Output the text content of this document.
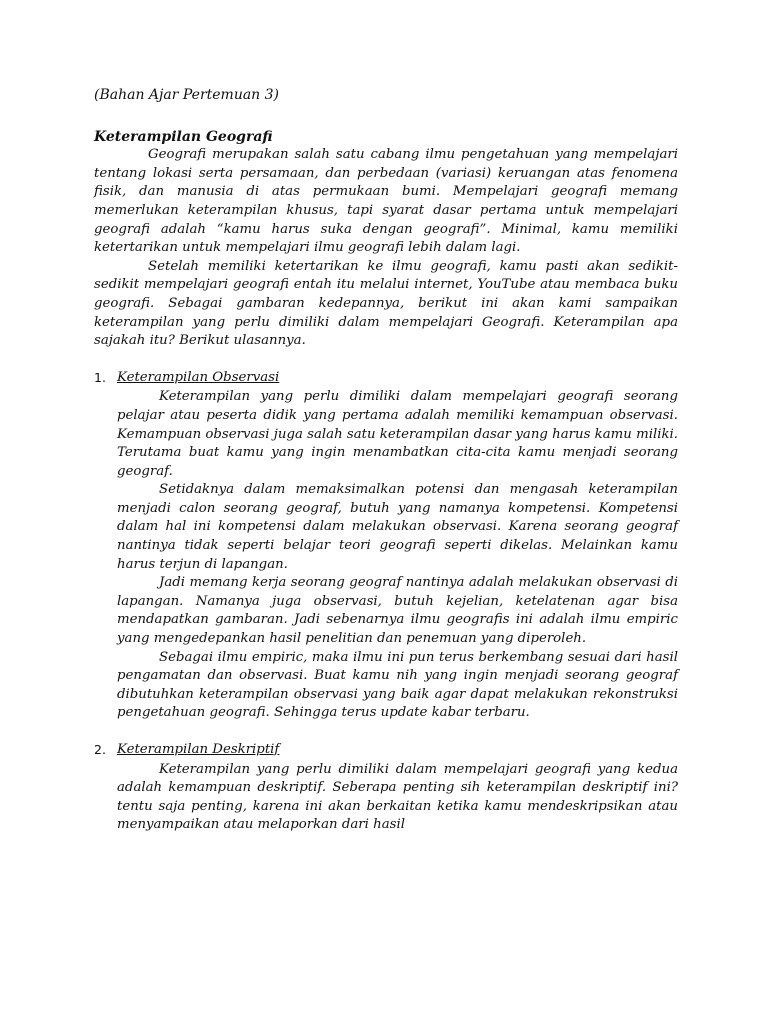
(Bahan Ajar Pertemuan 3)
Keterampilan Geografi

Geografi merupakan salah satu cabang ilmu pengetahuan yang mempelajari tentang lokasi serta persamaan, dan perbedaan (variasi) keruangan atas fenomena fisik, dan manusia di atas permukaan bumi. Mempelajari geografi memang memerlukan keterampilan khusus, tapi syarat dasar pertama untuk mempelajari geografi adalah “kamu harus suka dengan geografi”. Minimal, kamu memiliki ketertarikan untuk mempelajari ilmu geografi lebih dalam lagi.

Setelah memiliki ketertarikan ke ilmu geografi, kamu pasti akan sedikit-sedikit mempelajari geografi entah itu melalui internet, YouTube atau membaca buku geografi. Sebagai gambaran kedepannya, berikut ini akan kami sampaikan keterampilan yang perlu dimiliki dalam mempelajari Geografi. Keterampilan apa sajakah itu? Berikut ulasannya.

1. Keterampilan Observasi

Keterampilan yang perlu dimiliki dalam mempelajari geografi seorang pelajar atau peserta didik yang pertama adalah memiliki kemampuan observasi. Kemampuan observasi juga salah satu keterampilan dasar yang harus kamu miliki. Terutama buat kamu yang ingin menambatkan cita-cita kamu menjadi seorang geograf.

Setidaknya dalam memaksimalkan potensi dan mengasah keterampilan menjadi calon seorang geograf, butuh yang namanya kompetensi. Kompetensi dalam hal ini kompetensi dalam melakukan observasi. Karena seorang geograf nantinya tidak seperti belajar teori geografi seperti dikelas. Melainkan kamu harus terjun di lapangan.

Jadi memang kerja seorang geograf nantinya adalah melakukan observasi di lapangan. Namanya juga observasi, butuh kejelian, ketelatenan agar bisa mendapatkan gambaran. Jadi sebenarnya ilmu geografis ini adalah ilmu empiric yang mengedepankan hasil penelitian dan penemuan yang diperoleh.

Sebagai ilmu empiric, maka ilmu ini pun terus berkembang sesuai dari hasil pengamatan dan observasi. Buat kamu nih yang ingin menjadi seorang geograf dibutuhkan keterampilan observasi yang baik agar dapat melakukan rekonstruksi pengetahuan geografi. Sehingga terus update kabar terbaru.

2. Keterampilan Deskriptif

Keterampilan yang perlu dimiliki dalam mempelajari geografi yang kedua adalah kemampuan deskriptif. Seberapa penting sih keterampilan deskriptif ini? tentu saja penting, karena ini akan berkaitan ketika kamu mendeskripsikan atau menyampaikan atau melaporkan dari hasil
